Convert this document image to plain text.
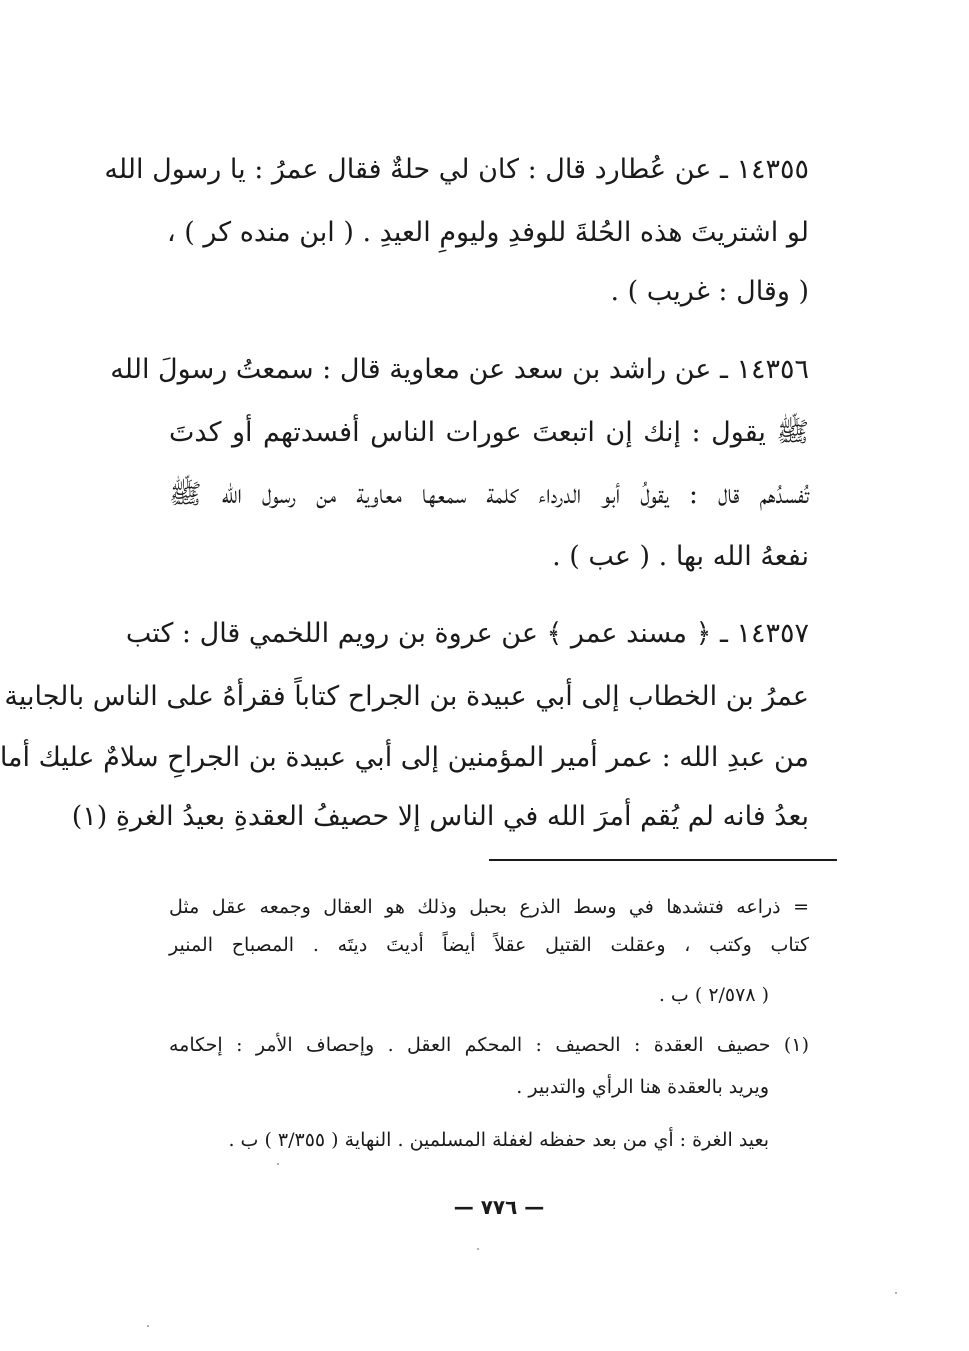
١٤٣٥٥ ـ عن عُطارد قال : كان لي حلةٌ فقال عمرُ : يا رسول الله
لو اشتريتَ هذه الحُلةَ للوفدِ وليومِ العيدِ . ( ابن منده كر ) ،
( وقال : غريب ) .
١٤٣٥٦ ـ عن راشد بن سعد عن معاوية قال : سمعتُ رسولَ الله
ﷺ يقول : إنك إن اتبعتَ عورات الناس أفسدتهم أو كدتَ
تُفسدُهم قال : يقولُ أبو الدرداء كلمة سمعها معاوية من رسول الله ﷺ
نفعهُ الله بها . ( عب ) .
١٤٣٥٧ ـ ﴿ مسند عمر ﴾ عن عروة بن رويم اللخمي قال : كتب
عمرُ بن الخطاب إلى أبي عبيدة بن الجراح كتاباً فقرأهُ على الناس بالجابية
من عبدِ الله : عمر أمير المؤمنين إلى أبي عبيدة بن الجراحِ سلامٌ عليك أما
بعدُ فانه لم يُقم أمرَ الله في الناس إلا حصيفُ العقدةِ بعيدُ الغرةِ (١)
= ذراعه فتشدها في وسط الذرع بحبل وذلك هو العقال وجمعه عقل مثل
كتاب وكتب ، وعقلت القتيل عقلاً أيضاً أديتَ ديتَه . المصباح المنير
( ٢/٥٧٨ ) ب .
(١) حصيف العقدة : الحصيف : المحكم العقل . وإحصاف الأمر : إحكامه
ويريد بالعقدة هنا الرأي والتدبير .
بعيد الغرة : أي من بعد حفظه لغفلة المسلمين . النهاية ( ٣/٣٥٥ ) ب .
— ٧٧٦ —
